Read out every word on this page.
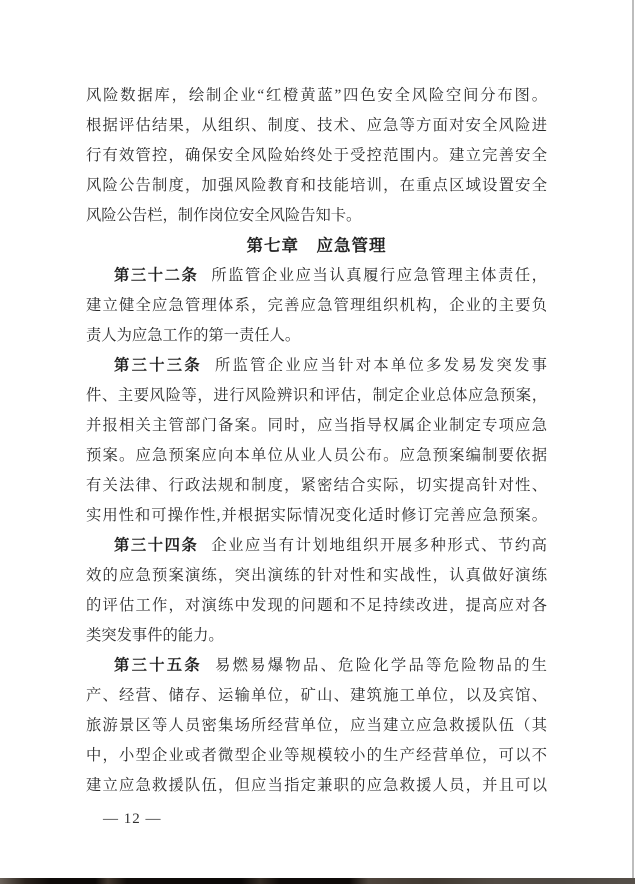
风险数据库，绘制企业“红橙黄蓝”四色安全风险空间分布图。
根据评估结果，从组织、制度、技术、应急等方面对安全风险进
行有效管控，确保安全风险始终处于受控范围内。建立完善安全
风险公告制度，加强风险教育和技能培训，在重点区域设置安全
风险公告栏，制作岗位安全风险告知卡。
第七章　应急管理
第三十二条 所监管企业应当认真履行应急管理主体责任，
建立健全应急管理体系，完善应急管理组织机构，企业的主要负
责人为应急工作的第一责任人。
第三十三条 所监管企业应当针对本单位多发易发突发事
件、主要风险等，进行风险辨识和评估，制定企业总体应急预案，
并报相关主管部门备案。同时，应当指导权属企业制定专项应急
预案。应急预案应向本单位从业人员公布。应急预案编制要依据
有关法律、行政法规和制度，紧密结合实际，切实提高针对性、
实用性和可操作性,并根据实际情况变化适时修订完善应急预案。
第三十四条 企业应当有计划地组织开展多种形式、节约高
效的应急预案演练，突出演练的针对性和实战性，认真做好演练
的评估工作，对演练中发现的问题和不足持续改进，提高应对各
类突发事件的能力。
第三十五条 易燃易爆物品、危险化学品等危险物品的生
产、经营、储存、运输单位，矿山、建筑施工单位，以及宾馆、
旅游景区等人员密集场所经营单位，应当建立应急救援队伍（其
中，小型企业或者微型企业等规模较小的生产经营单位，可以不
建立应急救援队伍，但应当指定兼职的应急救援人员，并且可以
— 12 —
